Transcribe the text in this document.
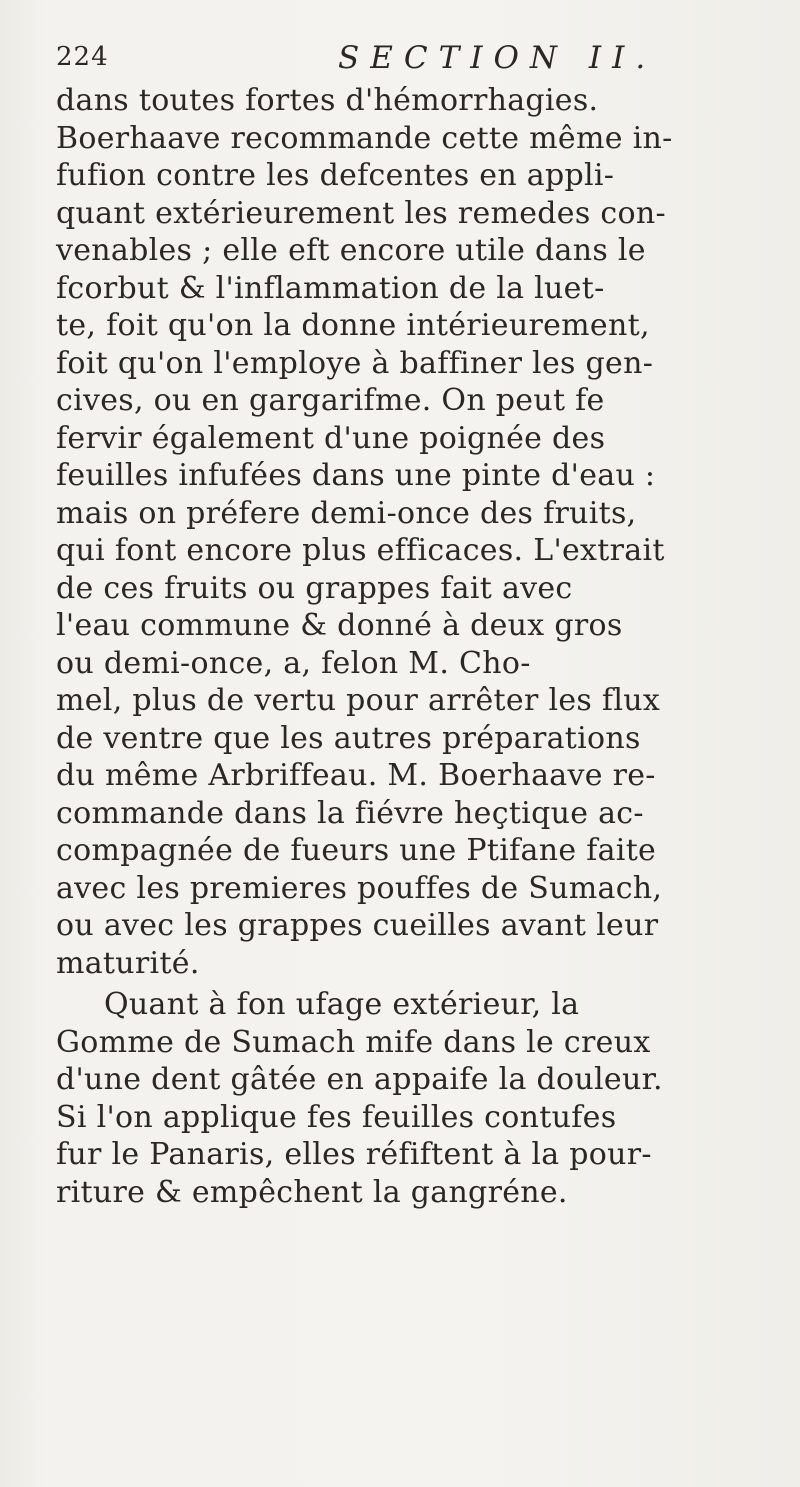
224	SECTION II.
dans toutes fortes d'hémorrhagies.
Boerhaave recommande cette même in-
fufion contre les defcentes en appli-
quant extérieurement les remedes con-
venables ; elle eft encore utile dans le
fcorbut & l'inflammation de la luet-
te, foit qu'on la donne intérieurement,
foit qu'on l'employe à baffiner les gen-
cives, ou en gargarifme. On peut fe
fervir également d'une poignée des
feuilles infufées dans une pinte d'eau :
mais on préfere demi-once des fruits,
qui font encore plus efficaces. L'extrait
de ces fruits ou grappes fait avec
l'eau commune & donné à deux gros
ou demi-once, a, felon M. Cho-
mel, plus de vertu pour arrêter les flux
de ventre que les autres préparations
du même Arbriffeau. M. Boerhaave re-
commande dans la fiévre heçtique ac-
compagnée de fueurs une Ptifane faite
avec les premieres pouffes de Sumach,
ou avec les grappes cueilles avant leur
maturité.
Quant à fon ufage extérieur, la
Gomme de Sumach mife dans le creux
d'une dent gâtée en appaife la douleur.
Si l'on applique fes feuilles contufes
fur le Panaris, elles réfiftent à la pour-
riture & empêchent la gangréne.
